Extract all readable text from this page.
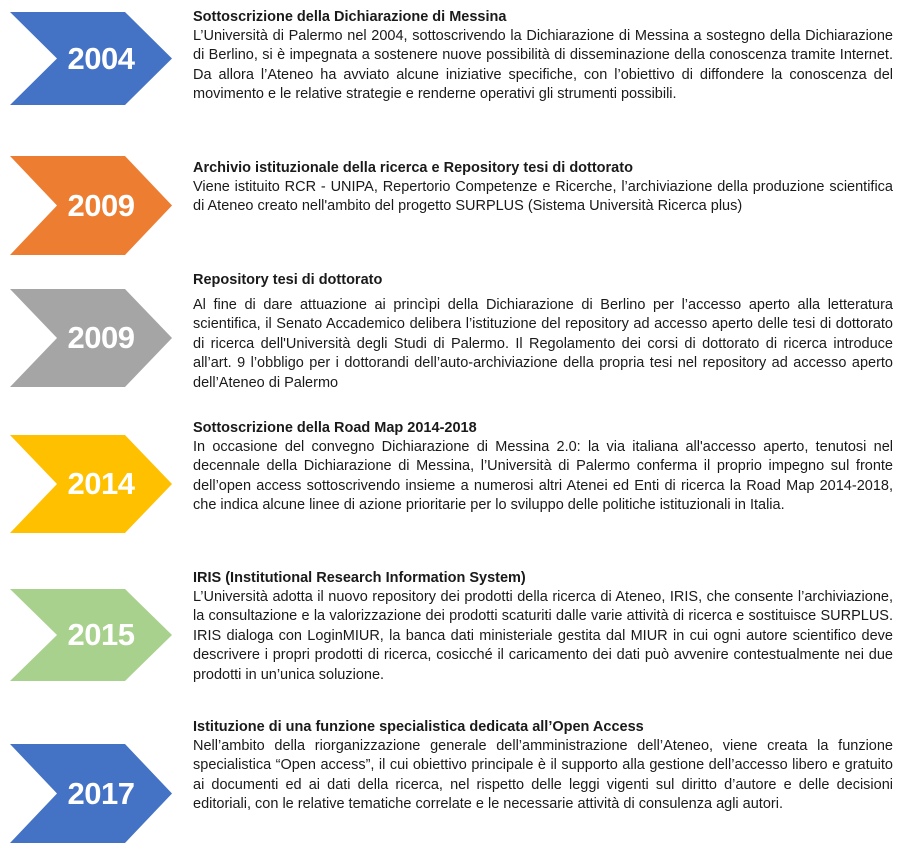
2004

Sottoscrizione della Dichiarazione di Messina

L’Università di Palermo nel 2004, sottoscrivendo la Dichiarazione di Messina a sostegno della Dichiarazione di Berlino, si è impegnata a sostenere nuove possibilità di disseminazione della conoscenza tramite Internet. Da allora l’Ateneo ha avviato alcune iniziative specifiche, con l’obiettivo di diffondere la conoscenza del movimento e le relative strategie e renderne operativi gli strumenti possibili.

2009

Archivio istituzionale della ricerca e Repository tesi di dottorato

Viene istituito RCR - UNIPA, Repertorio Competenze e Ricerche, l’archiviazione della produzione scientifica di Ateneo creato nell'ambito del progetto SURPLUS (Sistema Università Ricerca plus)

2009

Repository tesi di dottorato

Al fine di dare attuazione ai princìpi della Dichiarazione di Berlino per l’accesso aperto alla letteratura scientifica, il Senato Accademico delibera l’istituzione del repository ad accesso aperto delle tesi di dottorato di ricerca dell'Università degli Studi di Palermo. Il Regolamento dei corsi di dottorato di ricerca introduce all’art. 9 l’obbligo per i dottorandi dell’auto-archiviazione della propria tesi nel repository ad accesso aperto dell’Ateneo di Palermo

2014

Sottoscrizione della Road Map 2014-2018

In occasione del convegno Dichiarazione di Messina 2.0: la via italiana all'accesso aperto, tenutosi nel decennale della Dichiarazione di Messina, l’Università di Palermo conferma il proprio impegno sul fronte dell’open access sottoscrivendo insieme a numerosi altri Atenei ed Enti di ricerca la Road Map 2014-2018, che indica alcune linee di azione prioritarie per lo sviluppo delle politiche istituzionali in Italia.

2015

IRIS (Institutional Research Information System)

L’Università adotta il nuovo repository dei prodotti della ricerca di Ateneo, IRIS, che consente l’archiviazione, la consultazione e la valorizzazione dei prodotti scaturiti dalle varie attività di ricerca e sostituisce SURPLUS. IRIS dialoga con LoginMIUR, la banca dati ministeriale gestita dal MIUR in cui ogni autore scientifico deve descrivere i propri prodotti di ricerca, cosicché il caricamento dei dati può avvenire contestualmente nei due prodotti in un’unica soluzione.

2017

Istituzione di una funzione specialistica dedicata all’Open Access

Nell’ambito della riorganizzazione generale dell’amministrazione dell’Ateneo, viene creata la funzione specialistica “Open access”, il cui obiettivo principale è il supporto alla gestione dell’accesso libero e gratuito ai documenti ed ai dati della ricerca, nel rispetto delle leggi vigenti sul diritto d’autore e delle decisioni editoriali, con le relative tematiche correlate e le necessarie attività di consulenza agli autori.
